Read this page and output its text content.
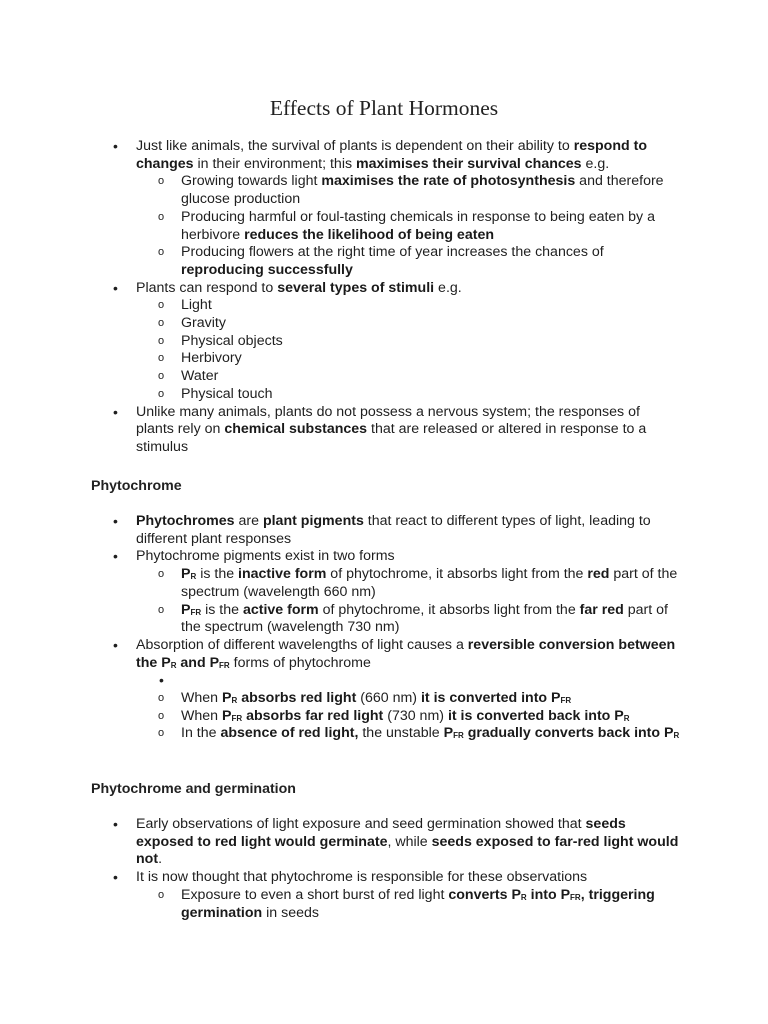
Effects of Plant Hormones
• Just like animals, the survival of plants is dependent on their ability to respond to changes in their environment; this maximises their survival chances e.g.
o Growing towards light maximises the rate of photosynthesis and therefore glucose production
o Producing harmful or foul-tasting chemicals in response to being eaten by a herbivore reduces the likelihood of being eaten
o Producing flowers at the right time of year increases the chances of reproducing successfully
• Plants can respond to several types of stimuli e.g.
o Light
o Gravity
o Physical objects
o Herbivory
o Water
o Physical touch
• Unlike many animals, plants do not possess a nervous system; the responses of plants rely on chemical substances that are released or altered in response to a stimulus
Phytochrome
• Phytochromes are plant pigments that react to different types of light, leading to different plant responses
• Phytochrome pigments exist in two forms
o $P_R$ is the inactive form of phytochrome, it absorbs light from the red part of the spectrum (wavelength 660 nm)
o $P_{FR}$ is the active form of phytochrome, it absorbs light from the far red part of the spectrum (wavelength 730 nm)
• Absorption of different wavelengths of light causes a reversible conversion between the $P_R$ and $P_{FR}$ forms of phytochrome
•
o When $P_R$ absorbs red light (660 nm) it is converted into $P_{FR}$
o When $P_{FR}$ absorbs far red light (730 nm) it is converted back into $P_R$
o In the absence of red light, the unstable $P_{FR}$ gradually converts back into $P_R$
Phytochrome and germination
• Early observations of light exposure and seed germination showed that seeds exposed to red light would germinate, while seeds exposed to far-red light would not.
• It is now thought that phytochrome is responsible for these observations
o Exposure to even a short burst of red light converts $P_R$ into $P_{FR}$, triggering germination in seeds
